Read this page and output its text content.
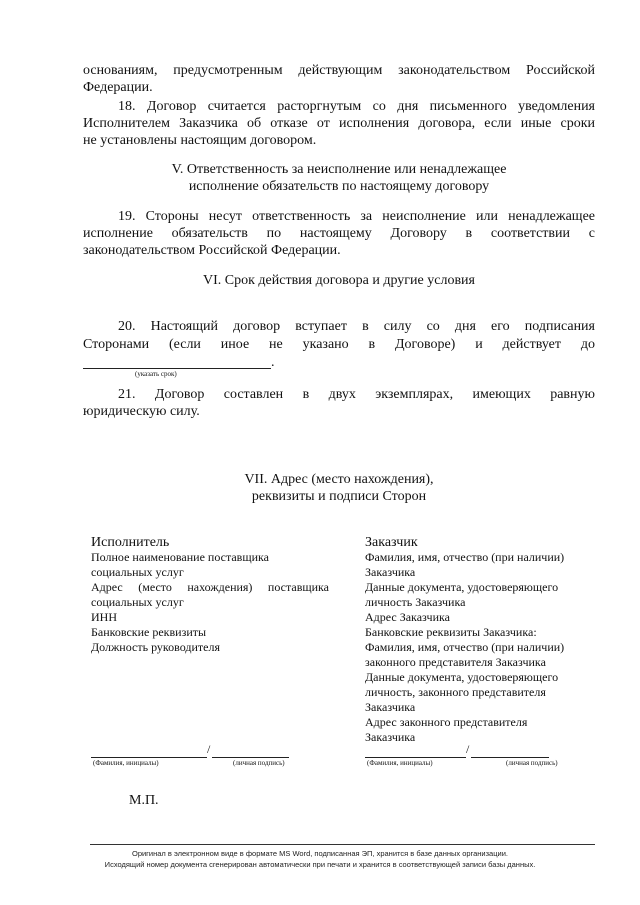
основаниям, предусмотренным действующим законодательством Российской
Федерации.
18. Договор считается расторгнутым со дня письменного уведомления
Исполнителем Заказчика об отказе от исполнения договора, если иные сроки
не установлены настоящим договором.
V. Ответственность за неисполнение или ненадлежащее
исполнение обязательств по настоящему договору
19. Стороны несут ответственность за неисполнение или ненадлежащее
исполнение обязательств по настоящему Договору в соответствии с
законодательством Российской Федерации.
VI. Срок действия договора и другие условия
20. Настоящий договор вступает в силу со дня его подписания
Сторонами (если иное не указано в Договоре) и действует до
.
(указать срок)
21. Договор составлен в двух экземплярах, имеющих равную
юридическую силу.
VII. Адрес (место нахождения),
реквизиты и подписи Сторон
Исполнитель
Полное наименование поставщика
социальных услуг
Адрес (место нахождения) поставщика
социальных услуг
ИНН
Банковские реквизиты
Должность руководителя
/
(Фамилия, инициалы)	(личная подпись)
Заказчик
Фамилия, имя, отчество (при наличии)
Заказчика
Данные документа, удостоверяющего
личность Заказчика
Адрес Заказчика
Банковские реквизиты Заказчика:
Фамилия, имя, отчество (при наличии)
законного представителя Заказчика
Данные документа, удостоверяющего
личность, законного представителя
Заказчика
Адрес законного представителя
Заказчика
/
(Фамилия, инициалы)	(личная подпись)
М.П.
Оригинал в электронном виде в формате MS Word, подписанная ЭП, хранится в базе данных организации.
Исходящий номер документа сгенерирован автоматически при печати и хранится в соответствующей записи базы данных.
